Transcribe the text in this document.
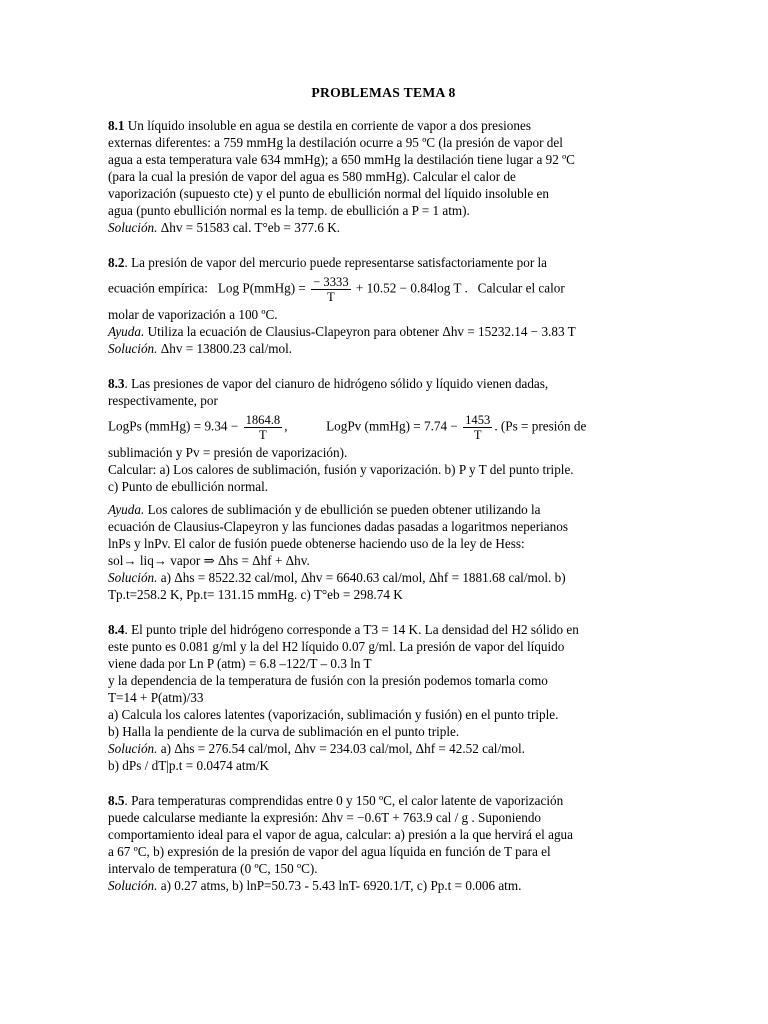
PROBLEMAS TEMA 8
8.1 Un líquido insoluble en agua se destila en corriente de vapor a dos presiones
externas diferentes: a 759 mmHg la destilación ocurre a 95 ºC (la presión de vapor del
agua a esta temperatura vale 634 mmHg); a 650 mmHg la destilación tiene lugar a 92 ºC
(para la cual la presión de vapor del agua es 580 mmHg). Calcular el calor de
vaporización (supuesto cte) y el punto de ebullición normal del líquido insoluble en
agua (punto ebullición normal es la temp. de ebullición a P = 1 atm).
Solución. Δhv = 51583 cal. T°eb = 377.6 K.
8.2. La presión de vapor del mercurio puede representarse satisfactoriamente por la
ecuación empírica: Log P(mmHg) = $\frac{- 3333}{T} + 10.52 - 0.84\log$ T . Calcular el calor
molar de vaporización a 100 ºC.
Ayuda. Utiliza la ecuación de Clausius-Clapeyron para obtener Δhv = 15232.14 − 3.83 T
Solución. Δhv = 13800.23 cal/mol.
8.3. Las presiones de vapor del cianuro de hidrógeno sólido y líquido vienen dadas,
respectivamente, por
LogPs (mmHg) = $9.34 - \frac{1864.8}{T}$ ,	LogPv (mmHg) = $7.74 - \frac{1453}{T}$ . (Ps = presión de
sublimación y Pv = presión de vaporización).
Calcular: a) Los calores de sublimación, fusión y vaporización. b) P y T del punto triple.
c) Punto de ebullición normal.
Ayuda. Los calores de sublimación y de ebullición se pueden obtener utilizando la
ecuación de Clausius-Clapeyron y las funciones dadas pasadas a logaritmos neperianos
lnPs y lnPv. El calor de fusión puede obtenerse haciendo uso de la ley de Hess:
sol→ liq→ vapor ⇒ Δhs = Δhf + Δhv.
Solución. a) Δhs = 8522.32 cal/mol, Δhv = 6640.63 cal/mol, Δhf = 1881.68 cal/mol. b)
Tp.t=258.2 K, Pp.t= 131.15 mmHg. c) T°eb = 298.74 K
8.4. El punto triple del hidrógeno corresponde a T3 = 14 K. La densidad del H2 sólido en
este punto es 0.081 g/ml y la del H2 líquido 0.07 g/ml. La presión de vapor del líquido
viene dada por Ln P (atm) = 6.8 –122/T – 0.3 ln T
y la dependencia de la temperatura de fusión con la presión podemos tomarla como
T=14 + P(atm)/33
a) Calcula los calores latentes (vaporización, sublimación y fusión) en el punto triple.
b) Halla la pendiente de la curva de sublimación en el punto triple.
Solución. a) Δhs = 276.54 cal/mol, Δhv = 234.03 cal/mol, Δhf = 42.52 cal/mol.
b) dPs / dT|p.t = 0.0474 atm/K
8.5. Para temperaturas comprendidas entre 0 y 150 ºC, el calor latente de vaporización
puede calcularse mediante la expresión: Δhv = −0.6T + 763.9 cal / g . Suponiendo
comportamiento ideal para el vapor de agua, calcular: a) presión a la que hervirá el agua
a 67 ºC, b) expresión de la presión de vapor del agua líquida en función de T para el
intervalo de temperatura (0 ºC, 150 ºC).
Solución. a) 0.27 atms, b) lnP=50.73 - 5.43 lnT- 6920.1/T, c) Pp.t = 0.006 atm.
